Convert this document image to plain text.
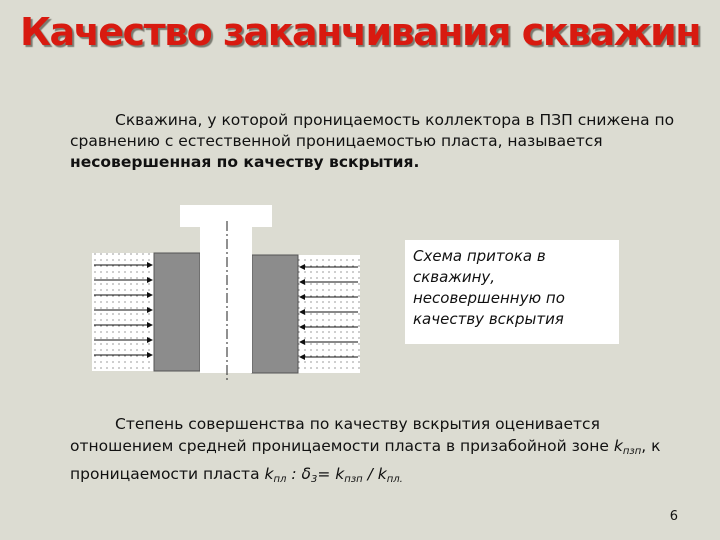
Качество заканчивания скважин
Скважина, у которой проницаемость коллектора в ПЗП снижена по сравнению с естественной проницаемостью пласта, называется несовершенная по качеству вскрытия.
Схема притока в скважину, несовершенную по качеству вскрытия
Степень совершенства по качеству вскрытия оценивается отношением средней проницаемости пласта в призабойной зоне $k_{пзп}$, к проницаемости пласта $k_{пл}$ : $\delta_3= k_{пзп} / k_{пл.}$
6
